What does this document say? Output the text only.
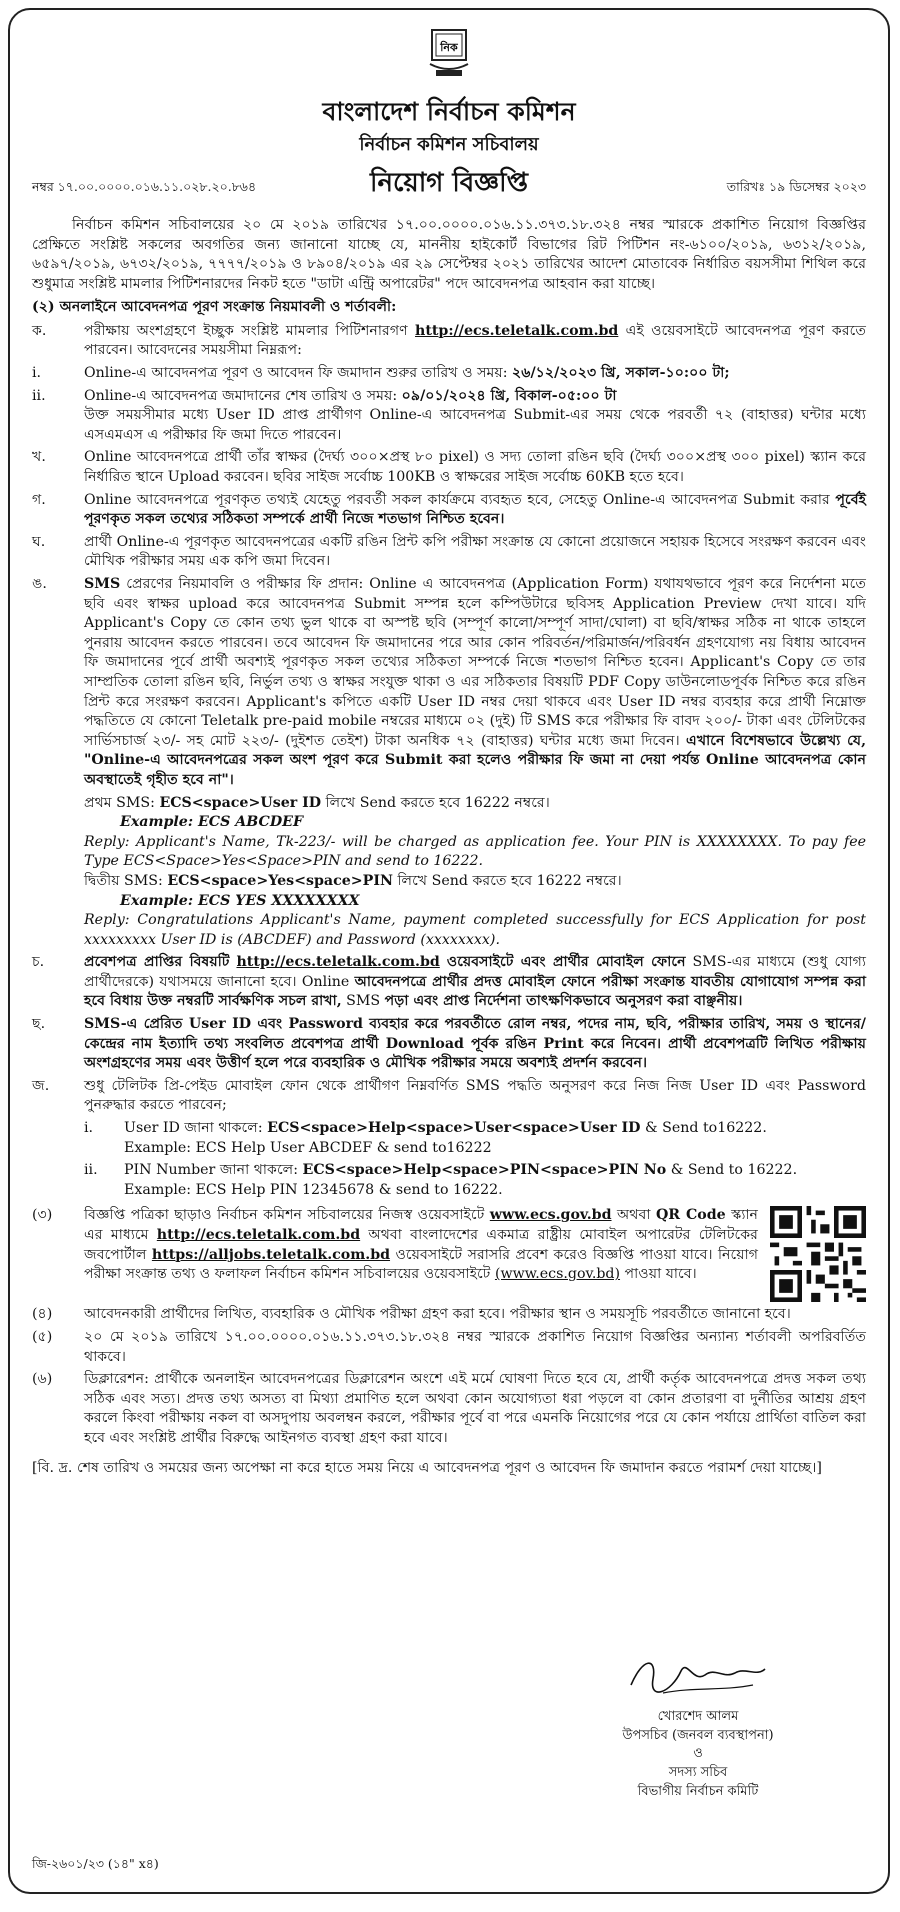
নিক
বাংলাদেশ নির্বাচন কমিশন
নির্বাচন কমিশন সচিবালয়
নম্বর ১৭.০০.০০০০.০১৬.১১.০২৮.২০.৮৬৪	নিয়োগ বিজ্ঞপ্তি	তারিখঃ ১৯ ডিসেম্বর ২০২৩

নির্বাচন কমিশন সচিবালয়ের ২০ মে ২০১৯ তারিখের ১৭.০০.০০০০.০১৬.১১.৩৭৩.১৮.৩২৪ নম্বর স্মারকে প্রকাশিত নিয়োগ বিজ্ঞপ্তির প্রেক্ষিতে সংশ্লিষ্ট সকলের অবগতির জন্য জানানো যাচ্ছে যে, মাননীয় হাইকোর্ট বিভাগের রিট পিটিশন নং-৬১০০/২০১৯, ৬৩১২/২০১৯, ৬৫৯৭/২০১৯, ৬৭৩২/২০১৯, ৭৭৭৭/২০১৯ ও ৮৯০৪/২০১৯ এর ২৯ সেপ্টেম্বর ২০২১ তারিখের আদেশ মোতাবেক নির্ধারিত বয়সসীমা শিথিল করে শুধুমাত্র সংশ্লিষ্ট মামলার পিটিশনারদের নিকট হতে "ডাটা এন্ট্রি অপারেটর" পদে আবেদনপত্র আহবান করা যাচ্ছে।

(২) অনলাইনে আবেদনপত্র পূরণ সংক্রান্ত নিয়মাবলী ও শর্তাবলী:
ক.	পরীক্ষায় অংশগ্রহণে ইচ্ছুক সংশ্লিষ্ট মামলার পিটিশনারগণ http://ecs.teletalk.com.bd এই ওয়েবসাইটে আবেদনপত্র পূরণ করতে পারবেন। আবেদনের সময়সীমা নিম্নরূপ:
i.	Online-এ আবেদনপত্র পূরণ ও আবেদন ফি জমাদান শুরুর তারিখ ও সময়: ২৬/১২/২০২৩ খ্রি, সকাল-১০:০০ টা;
ii.	Online-এ আবেদনপত্র জমাদানের শেষ তারিখ ও সময়: ০৯/০১/২০২৪ খ্রি, বিকাল-০৫:০০ টা
উক্ত সময়সীমার মধ্যে User ID প্রাপ্ত প্রার্থীগণ Online-এ আবেদনপত্র Submit-এর সময় থেকে পরবর্তী ৭২ (বাহাত্তর) ঘন্টার মধ্যে এসএমএস এ পরীক্ষার ফি জমা দিতে পারবেন।
খ.	Online আবেদনপত্রে প্রার্থী তাঁর স্বাক্ষর (দৈর্ঘ্য ৩০০×প্রস্থ ৮০ pixel) ও সদ্য তোলা রঙিন ছবি (দৈর্ঘ্য ৩০০×প্রস্থ ৩০০ pixel) স্ক্যান করে নির্ধারিত স্থানে Upload করবেন। ছবির সাইজ সর্বোচ্চ 100KB ও স্বাক্ষরের সাইজ সর্বোচ্চ 60KB হতে হবে।
গ.	Online আবেদনপত্রে পূরণকৃত তথ্যই যেহেতু পরবর্তী সকল কার্যক্রমে ব্যবহৃত হবে, সেহেতু Online-এ আবেদনপত্র Submit করার পূর্বেই পূরণকৃত সকল তথ্যের সঠিকতা সম্পর্কে প্রার্থী নিজে শতভাগ নিশ্চিত হবেন।
ঘ.	প্রার্থী Online-এ পূরণকৃত আবেদনপত্রের একটি রঙিন প্রিন্ট কপি পরীক্ষা সংক্রান্ত যে কোনো প্রয়োজনে সহায়ক হিসেবে সংরক্ষণ করবেন এবং মৌখিক পরীক্ষার সময় এক কপি জমা দিবেন।
ঙ.	SMS প্রেরণের নিয়মাবলি ও পরীক্ষার ফি প্রদান: Online এ আবেদনপত্র (Application Form) যথাযথভাবে পূরণ করে নির্দেশনা মতে ছবি এবং স্বাক্ষর upload করে আবেদনপত্র Submit সম্পন্ন হলে কম্পিউটারে ছবিসহ Application Preview দেখা যাবে। যদি Applicant's Copy তে কোন তথ্য ভুল থাকে বা অস্পষ্ট ছবি (সম্পূর্ণ কালো/সম্পূর্ণ সাদা/ঘোলা) বা ছবি/স্বাক্ষর সঠিক না থাকে তাহলে পুনরায় আবেদন করতে পারবেন। তবে আবেদন ফি জমাদানের পরে আর কোন পরিবর্তন/পরিমার্জন/পরিবর্ধন গ্রহণযোগ্য নয় বিধায় আবেদন ফি জমাদানের পূর্বে প্রার্থী অবশ্যই পূরণকৃত সকল তথ্যের সঠিকতা সম্পর্কে নিজে শতভাগ নিশ্চিত হবেন। Applicant's Copy তে তার সাম্প্রতিক তোলা রঙিন ছবি, নির্ভুল তথ্য ও স্বাক্ষর সংযুক্ত থাকা ও এর সঠিকতার বিষয়টি PDF Copy ডাউনলোডপূর্বক নিশ্চিত করে রঙিন প্রিন্ট করে সংরক্ষণ করবেন। Applicant's কপিতে একটি User ID নম্বর দেয়া থাকবে এবং User ID নম্বর ব্যবহার করে প্রার্থী নিম্নোক্ত পদ্ধতিতে যে কোনো Teletalk pre-paid mobile নম্বরের মাধ্যমে ০২ (দুই) টি SMS করে পরীক্ষার ফি বাবদ ২০০/- টাকা এবং টেলিটকের সার্ভিসচার্জ ২৩/- সহ মোট ২২৩/- (দুইশত তেইশ) টাকা অনধিক ৭২ (বাহাত্তর) ঘন্টার মধ্যে জমা দিবেন। এখানে বিশেষভাবে উল্লেখ্য যে, "Online-এ আবেদনপত্রের সকল অংশ পূরণ করে Submit করা হলেও পরীক্ষার ফি জমা না দেয়া পর্যন্ত Online আবেদনপত্র কোন অবস্থাতেই গৃহীত হবে না"।
প্রথম SMS: ECS<space>User ID লিখে Send করতে হবে 16222 নম্বরে।
Example: ECS ABCDEF
Reply: Applicant's Name, Tk-223/- will be charged as application fee. Your PIN is XXXXXXXX. To pay fee Type ECS<Space>Yes<Space>PIN and send to 16222.
দ্বিতীয় SMS: ECS<space>Yes<space>PIN লিখে Send করতে হবে 16222 নম্বরে।
Example: ECS YES XXXXXXXX
Reply: Congratulations Applicant's Name, payment completed successfully for ECS Application for post xxxxxxxxx User ID is (ABCDEF) and Password (xxxxxxxx).
চ.	প্রবেশপত্র প্রাপ্তির বিষয়টি http://ecs.teletalk.com.bd ওয়েবসাইটে এবং প্রার্থীর মোবাইল ফোনে SMS-এর মাধ্যমে (শুধু যোগ্য প্রার্থীদেরকে) যথাসময়ে জানানো হবে। Online আবেদনপত্রে প্রার্থীর প্রদত্ত মোবাইল ফোনে পরীক্ষা সংক্রান্ত যাবতীয় যোগাযোগ সম্পন্ন করা হবে বিধায় উক্ত নম্বরটি সার্বক্ষণিক সচল রাখা, SMS পড়া এবং প্রাপ্ত নির্দেশনা তাৎক্ষণিকভাবে অনুসরণ করা বাঞ্ছনীয়।
ছ.	SMS-এ প্রেরিত User ID এবং Password ব্যবহার করে পরবর্তীতে রোল নম্বর, পদের নাম, ছবি, পরীক্ষার তারিখ, সময় ও স্থানের/কেন্দ্রের নাম ইত্যাদি তথ্য সংবলিত প্রবেশপত্র প্রার্থী Download পূর্বক রঙিন Print করে নিবেন। প্রার্থী প্রবেশপত্রটি লিখিত পরীক্ষায় অংশগ্রহণের সময় এবং উত্তীর্ণ হলে পরে ব্যবহারিক ও মৌখিক পরীক্ষার সময়ে অবশ্যই প্রদর্শন করবেন।
জ.	শুধু টেলিটক প্রি-পেইড মোবাইল ফোন থেকে প্রার্থীগণ নিম্নবর্ণিত SMS পদ্ধতি অনুসরণ করে নিজ নিজ User ID এবং Password পুনরুদ্ধার করতে পারবেন;
i.	User ID জানা থাকলে: ECS<space>Help<space>User<space>User ID & Send to16222.
Example: ECS Help User ABCDEF & send to16222
ii.	PIN Number জানা থাকলে: ECS<space>Help<space>PIN<space>PIN No & Send to 16222.
Example: ECS Help PIN 12345678 & send to 16222.
(৩)	বিজ্ঞপ্তি পত্রিকা ছাড়াও নির্বাচন কমিশন সচিবালয়ের নিজস্ব ওয়েবসাইটে www.ecs.gov.bd অথবা QR Code স্ক্যান এর মাধ্যমে http://ecs.teletalk.com.bd অথবা বাংলাদেশের একমাত্র রাষ্ট্রীয় মোবাইল অপারেটর টেলিটকের জবপোর্টাল https://alljobs.teletalk.com.bd ওয়েবসাইটে সরাসরি প্রবেশ করেও বিজ্ঞপ্তি পাওয়া যাবে। নিয়োগ পরীক্ষা সংক্রান্ত তথ্য ও ফলাফল নির্বাচন কমিশন সচিবালয়ের ওয়েবসাইটে (www.ecs.gov.bd) পাওয়া যাবে।
(৪)	আবেদনকারী প্রার্থীদের লিখিত, ব্যবহারিক ও মৌখিক পরীক্ষা গ্রহণ করা হবে। পরীক্ষার স্থান ও সময়সূচি পরবর্তীতে জানানো হবে।
(৫)	২০ মে ২০১৯ তারিখে ১৭.০০.০০০০.০১৬.১১.৩৭৩.১৮.৩২৪ নম্বর স্মারকে প্রকাশিত নিয়োগ বিজ্ঞপ্তির অন্যান্য শর্তাবলী অপরিবর্তিত থাকবে।
(৬)	ডিক্লারেশন: প্রার্থীকে অনলাইন আবেদনপত্রের ডিক্লারেশন অংশে এই মর্মে ঘোষণা দিতে হবে যে, প্রার্থী কর্তৃক আবেদনপত্রে প্রদত্ত সকল তথ্য সঠিক এবং সত্য। প্রদত্ত তথ্য অসত্য বা মিথ্যা প্রমাণিত হলে অথবা কোন অযোগ্যতা ধরা পড়লে বা কোন প্রতারণা বা দুর্নীতির আশ্রয় গ্রহণ করলে কিংবা পরীক্ষায় নকল বা অসদুপায় অবলম্বন করলে, পরীক্ষার পূর্বে বা পরে এমনকি নিয়োগের পরে যে কোন পর্যায়ে প্রার্থিতা বাতিল করা হবে এবং সংশ্লিষ্ট প্রার্থীর বিরুদ্ধে আইনগত ব্যবস্থা গ্রহণ করা যাবে।
[বি. দ্র. শেষ তারিখ ও সময়ের জন্য অপেক্ষা না করে হাতে সময় নিয়ে এ আবেদনপত্র পূরণ ও আবেদন ফি জমাদান করতে পরামর্শ দেয়া যাচ্ছে।]
খোরশেদ আলম
উপসচিব (জনবল ব্যবস্থাপনা)
ও
সদস্য সচিব
বিভাগীয় নির্বাচন কমিটি
জি-২৬০১/২৩ (১৪" x৪)
